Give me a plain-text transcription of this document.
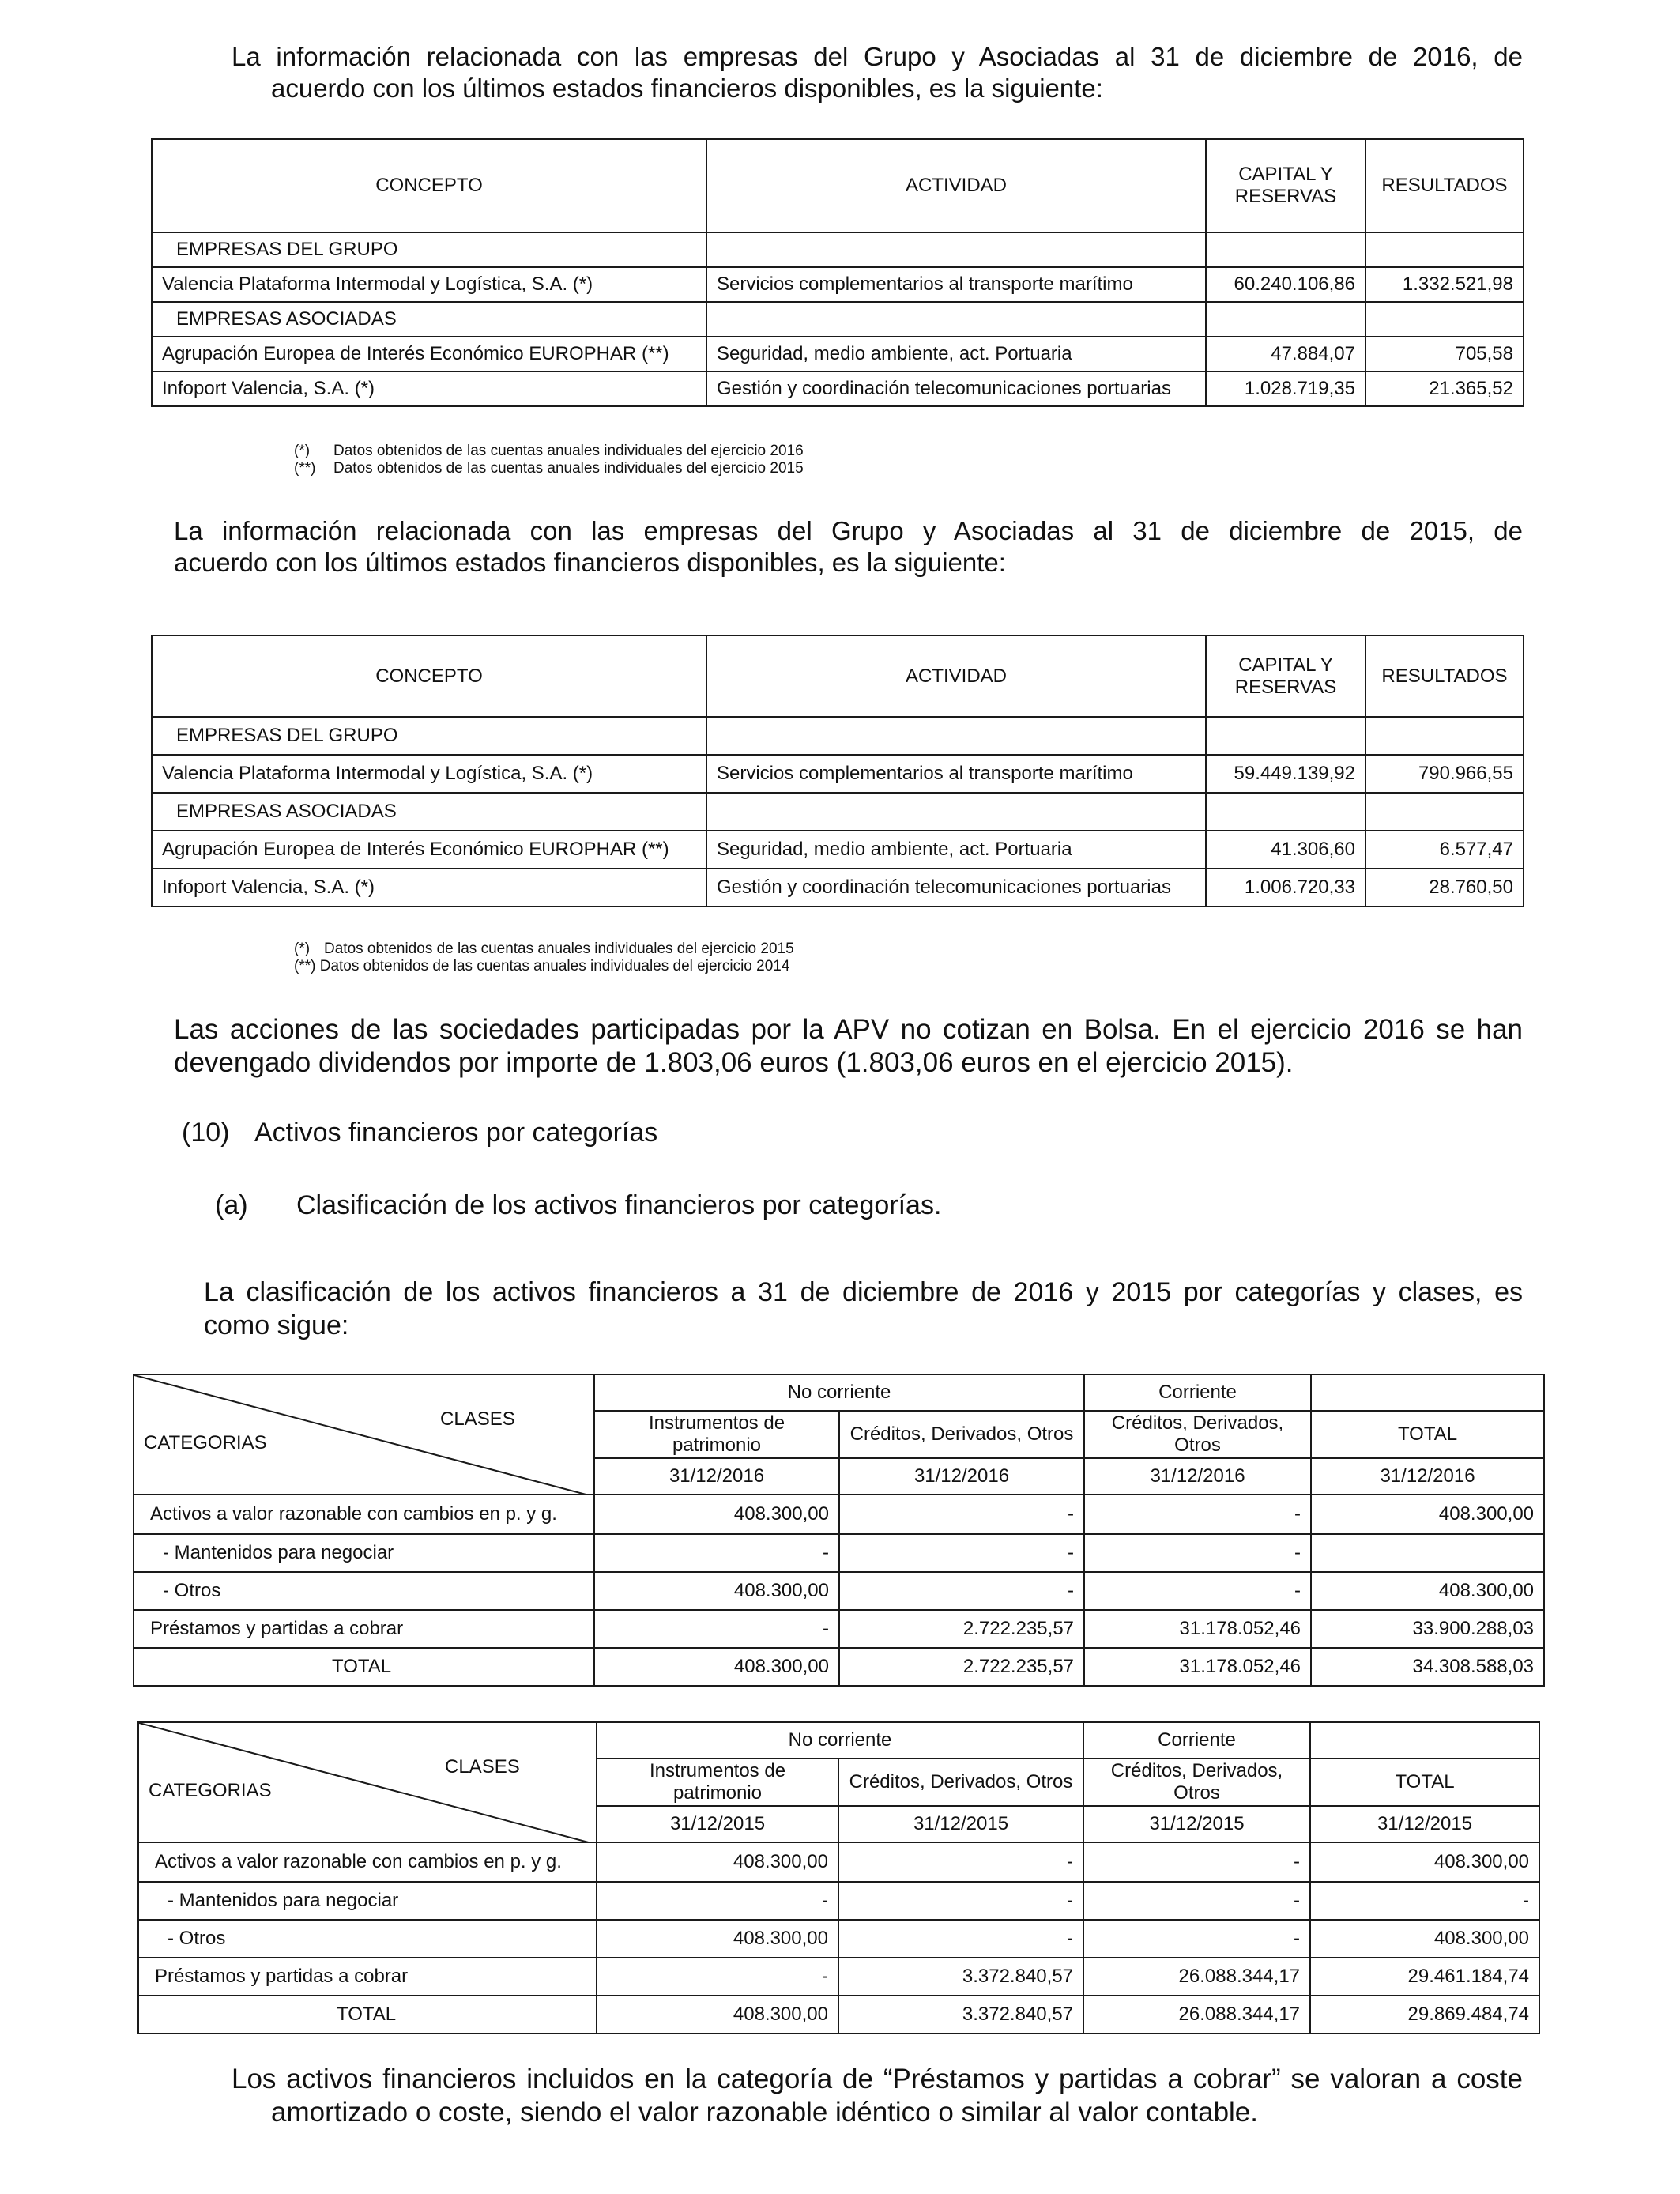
La información relacionada con las empresas del Grupo y Asociadas al 31 de diciembre de 2016, de
acuerdo con los últimos estados financieros disponibles, es la siguiente:
CONCEPTO	ACTIVIDAD	CAPITAL Y RESERVAS	RESULTADOS
EMPRESAS DEL GRUPO			
Valencia Plataforma Intermodal y Logística, S.A. (*)	Servicios complementarios al transporte marítimo	60.240.106,86	1.332.521,98
EMPRESAS ASOCIADAS			
Agrupación Europea de Interés Económico EUROPHAR (**)	Seguridad, medio ambiente, act. Portuaria	47.884,07	705,58
Infoport Valencia, S.A. (*)	Gestión y coordinación telecomunicaciones portuarias	1.028.719,35	21.365,52
(*) Datos obtenidos de las cuentas anuales individuales del ejercicio 2016
(**) Datos obtenidos de las cuentas anuales individuales del ejercicio 2015
La información relacionada con las empresas del Grupo y Asociadas al 31 de diciembre de 2015, de
acuerdo con los últimos estados financieros disponibles, es la siguiente:
CONCEPTO	ACTIVIDAD	CAPITAL Y RESERVAS	RESULTADOS
EMPRESAS DEL GRUPO			
Valencia Plataforma Intermodal y Logística, S.A. (*)	Servicios complementarios al transporte marítimo	59.449.139,92	790.966,55
EMPRESAS ASOCIADAS			
Agrupación Europea de Interés Económico EUROPHAR (**)	Seguridad, medio ambiente, act. Portuaria	41.306,60	6.577,47
Infoport Valencia, S.A. (*)	Gestión y coordinación telecomunicaciones portuarias	1.006.720,33	28.760,50
(*) Datos obtenidos de las cuentas anuales individuales del ejercicio 2015
(**) Datos obtenidos de las cuentas anuales individuales del ejercicio 2014
Las acciones de las sociedades participadas por la APV no cotizan en Bolsa. En el ejercicio 2016 se han
devengado dividendos por importe de 1.803,06 euros (1.803,06 euros en el ejercicio 2015).
(10) Activos financieros por categorías
(a) Clasificación de los activos financieros por categorías.
La clasificación de los activos financieros a 31 de diciembre de 2016 y 2015 por categorías y clases, es
como sigue:
CLASES
CATEGORIAS	No corriente		Corriente	
	Instrumentos de patrimonio	Créditos, Derivados, Otros	Créditos, Derivados, Otros	TOTAL
	31/12/2016	31/12/2016	31/12/2016	31/12/2016
Activos a valor razonable con cambios en p. y g.	408.300,00	-	-	408.300,00
- Mantenidos para negociar	-	-	-	
- Otros	408.300,00	-	-	408.300,00
Préstamos y partidas a cobrar	-	2.722.235,57	31.178.052,46	33.900.288,03
TOTAL	408.300,00	2.722.235,57	31.178.052,46	34.308.588,03
CLASES
CATEGORIAS	No corriente		Corriente	
	Instrumentos de patrimonio	Créditos, Derivados, Otros	Créditos, Derivados, Otros	TOTAL
	31/12/2015	31/12/2015	31/12/2015	31/12/2015
Activos a valor razonable con cambios en p. y g.	408.300,00	-	-	408.300,00
- Mantenidos para negociar	-	-	-	-
- Otros	408.300,00	-	-	408.300,00
Préstamos y partidas a cobrar	-	3.372.840,57	26.088.344,17	29.461.184,74
TOTAL	408.300,00	3.372.840,57	26.088.344,17	29.869.484,74
Los activos financieros incluidos en la categoría de “Préstamos y partidas a cobrar” se valoran a coste
amortizado o coste, siendo el valor razonable idéntico o similar al valor contable.
